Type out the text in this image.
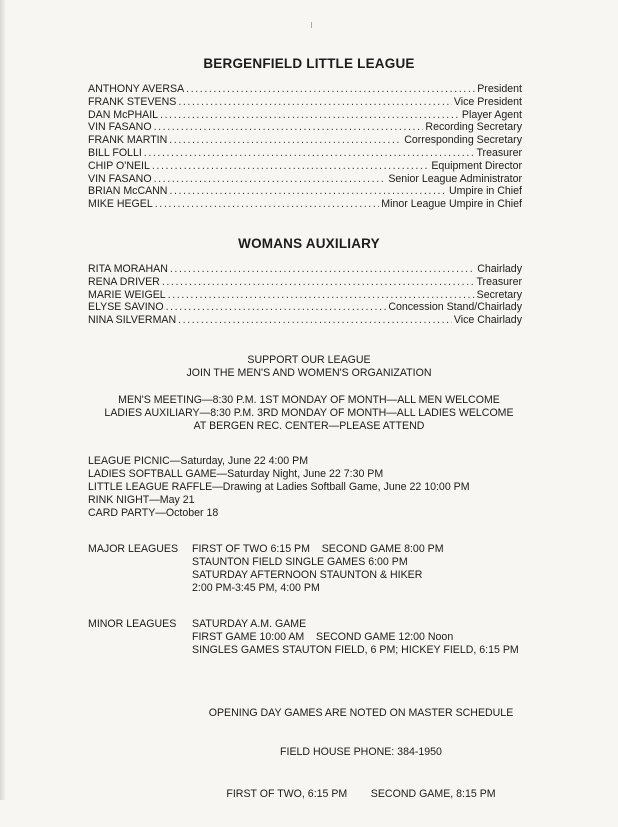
BERGENFIELD LITTLE LEAGUE
ANTHONY AVERSA .....	President
FRANK STEVENS .....	Vice President
DAN McPHAIL .....	Player Agent
VIN FASANO .....	Recording Secretary
FRANK MARTIN .....	Corresponding Secretary
BILL FOLLI .....	Treasurer
CHIP O'NEIL .....	Equipment Director
VIN FASANO .....	Senior League Administrator
BRIAN McCANN .....	Umpire in Chief
MIKE HEGEL .....	Minor League Umpire in Chief
WOMANS AUXILIARY
RITA MORAHAN .....	Chairlady
RENA DRIVER .....	Treasurer
MARIE WEIGEL .....	Secretary
ELYSE SAVINO .....	Concession Stand/Chairlady
NINA SILVERMAN .....	Vice Chairlady
SUPPORT OUR LEAGUE
JOIN THE MEN'S AND WOMEN'S ORGANIZATION
MEN'S MEETING—8:30 P.M. 1ST MONDAY OF MONTH—ALL MEN WELCOME
LADIES AUXILIARY—8:30 P.M. 3RD MONDAY OF MONTH—ALL LADIES WELCOME
AT BERGEN REC. CENTER—PLEASE ATTEND
LEAGUE PICNIC—Saturday, June 22 4:00 PM
LADIES SOFTBALL GAME—Saturday Night, June 22 7:30 PM
LITTLE LEAGUE RAFFLE—Drawing at Ladies Softball Game, June 22 10:00 PM
RINK NIGHT—May 21
CARD PARTY—October 18
MAJOR LEAGUES FIRST OF TWO 6:15 PM    SECOND GAME 8:00 PM
STAUNTON FIELD SINGLE GAMES 6:00 PM
SATURDAY AFTERNOON STAUNTON & HIKER
2:00 PM-3:45 PM, 4:00 PM
MINOR LEAGUES SATURDAY A.M. GAME
FIRST GAME 10:00 AM    SECOND GAME 12:00 Noon
SINGLES GAMES STAUTON FIELD, 6 PM; HICKEY FIELD, 6:15 PM

OPENING DAY GAMES ARE NOTED ON MASTER SCHEDULE

FIELD HOUSE PHONE: 384-1950

FIRST OF TWO, 6:15 PM        SECOND GAME, 8:15 PM
